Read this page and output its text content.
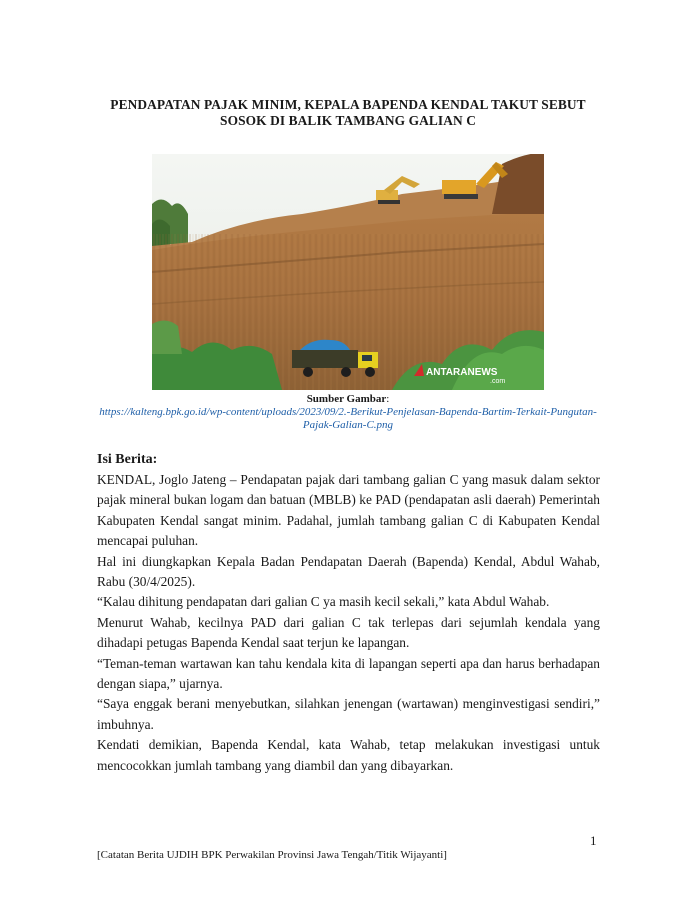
PENDAPATAN PAJAK MINIM, KEPALA BAPENDA KENDAL TAKUT SEBUT
SOSOK DI BALIK TAMBANG GALIAN C
ANTARANEWS
.com
Sumber Gambar:
https://kalteng.bpk.go.id/wp-content/uploads/2023/09/2.-Berikut-Penjelasan-Bapenda-Bartim-Terkait-Pungutan-Pajak-Galian-C.png
Isi Berita:

KENDAL, Joglo Jateng – Pendapatan pajak dari tambang galian C yang masuk dalam sektor pajak mineral bukan logam dan batuan (MBLB) ke PAD (pendapatan asli daerah) Pemerintah Kabupaten Kendal sangat minim. Padahal, jumlah tambang galian C di Kabupaten Kendal mencapai puluhan.

Hal ini diungkapkan Kepala Badan Pendapatan Daerah (Bapenda) Kendal, Abdul Wahab, Rabu (30/4/2025).

“Kalau dihitung pendapatan dari galian C ya masih kecil sekali,” kata Abdul Wahab.

Menurut Wahab, kecilnya PAD dari galian C tak terlepas dari sejumlah kendala yang dihadapi petugas Bapenda Kendal saat terjun ke lapangan.

“Teman-teman wartawan kan tahu kendala kita di lapangan seperti apa dan harus berhadapan dengan siapa,” ujarnya.

“Saya enggak berani menyebutkan, silahkan jenengan (wartawan) menginvestigasi sendiri,” imbuhnya.

Kendati demikian, Bapenda Kendal, kata Wahab, tetap melakukan investigasi untuk mencocokkan jumlah tambang yang diambil dan yang dibayarkan.

1
[Catatan Berita UJDIH BPK Perwakilan Provinsi Jawa Tengah/Titik Wijayanti]
